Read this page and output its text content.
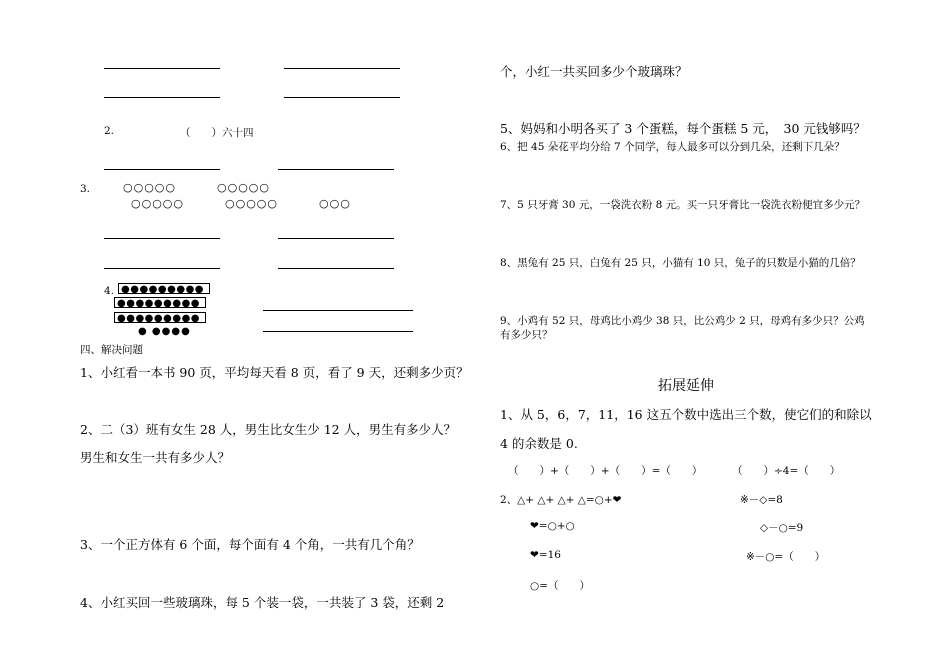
2.	（　　）六十四
3.	○○○○○	○○○○○
○○○○○	○○○○○	○○○
4. ●●●●●●●●●
●●●●●●●●●
●●●●●●●●●
● ●●●●
四、解决问题
1、小红看一本书 90 页，平均每天看 8 页，看了 9 天，还剩多少页？
2、二（3）班有女生 28 人，男生比女生少 12 人，男生有多少人？
男生和女生一共有多少人？
3、一个正方体有 6 个面，每个面有 4 个角，一共有几个角？
4、小红买回一些玻璃珠，每 5 个装一袋，一共装了 3 袋，还剩 2
个，小红一共买回多少个玻璃珠？
5、妈妈和小明各买了 3 个蛋糕，每个蛋糕 5 元，　30 元钱够吗？
6、把 45 朵花平均分给 7 个同学，每人最多可以分到几朵，还剩下几朵？
7、5 只牙膏 30 元，一袋洗衣粉 8 元。买一只牙膏比一袋洗衣粉便宜多少元？
8、黑兔有 25 只，白兔有 25 只，小猫有 10 只，兔子的只数是小猫的几倍？
9、小鸡有 52 只，母鸡比小鸡少 38 只，比公鸡少 2 只，母鸡有多少只？公鸡
有多少只？
拓展延伸
1、从 5，6，7，11，16 这五个数中选出三个数，使它们的和除以
4 的余数是 0.
（　　）+（　　）+（　　）=（　　）	（　　）÷4=（　　）
2、△+ △+ △+ △=○+❤	※－◇=8
❤=○+○	◇－○=9
❤=16	※－○=（　　）
○=（　　）
